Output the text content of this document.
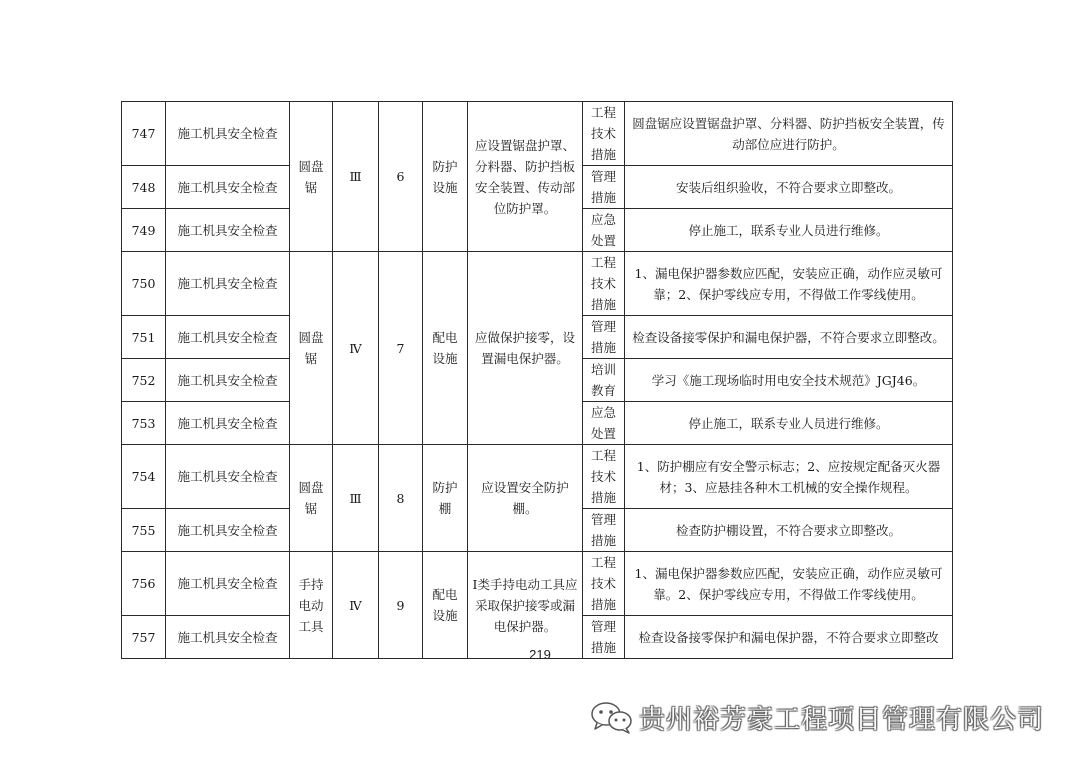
747	施工机具安全检查	圆盘锯	Ⅲ	6	防护设施	应设置锯盘护罩、分料器、防护挡板安全装置、传动部位防护罩。	工程技术措施	圆盘锯应设置锯盘护罩、分料器、防护挡板安全装置，传动部位应进行防护。
748	施工机具安全检查						管理措施	安装后组织验收，不符合要求立即整改。
749	施工机具安全检查						应急处置	停止施工，联系专业人员进行维修。
750	施工机具安全检查	圆盘锯	Ⅳ	7	配电设施	应做保护接零，设置漏电保护器。	工程技术措施	1、漏电保护器参数应匹配，安装应正确，动作应灵敏可靠；2、保护零线应专用，不得做工作零线使用。
751	施工机具安全检查						管理措施	检查设备接零保护和漏电保护器，不符合要求立即整改。
752	施工机具安全检查						培训教育	学习《施工现场临时用电安全技术规范》JGJ46。
753	施工机具安全检查						应急处置	停止施工，联系专业人员进行维修。
754	施工机具安全检查	圆盘锯	Ⅲ	8	防护棚	应设置安全防护棚。	工程技术措施	1、防护棚应有安全警示标志；2、应按规定配备灭火器材；3、应悬挂各种木工机械的安全操作规程。
755	施工机具安全检查						管理措施	检查防护棚设置，不符合要求立即整改。
756	施工机具安全检查	手持电动工具	Ⅳ	9	配电设施	I类手持电动工具应采取保护接零或漏电保护器。	工程技术措施	1、漏电保护器参数应匹配，安装应正确，动作应灵敏可靠。2、保护零线应专用，不得做工作零线使用。
757	施工机具安全检查						管理措施	检查设备接零保护和漏电保护器，不符合要求立即整改
219
贵州裕芳豪工程项目管理有限公司
